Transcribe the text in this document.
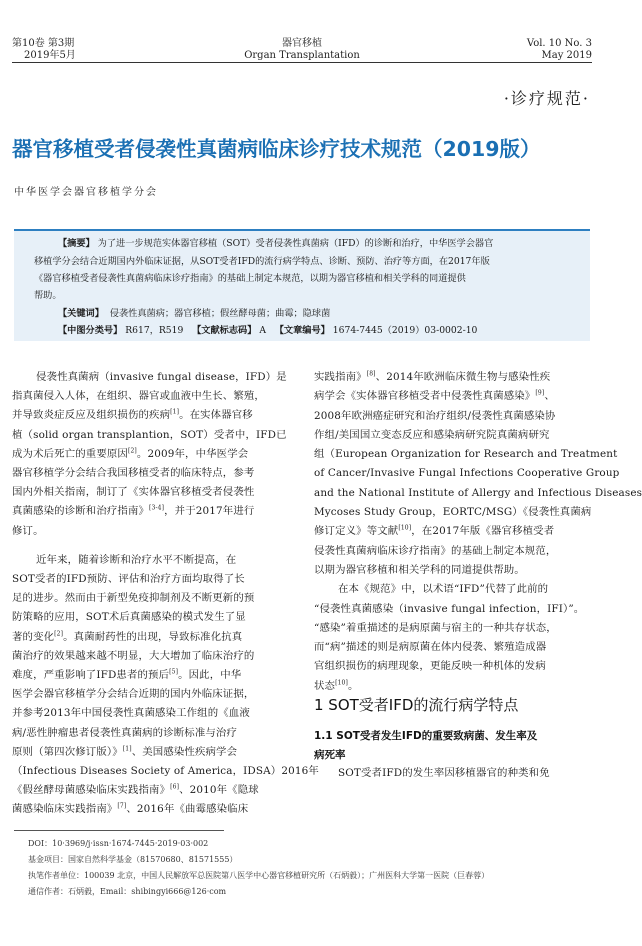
第10卷 第3期
2019年5月
器官移植
Organ Transplantation
Vol. 10 No. 3
May 2019
·诊疗规范·
器官移植受者侵袭性真菌病临床诊疗技术规范（2019版）
中华医学会器官移植学分会
【摘要】 为了进一步规范实体器官移植（SOT）受者侵袭性真菌病（IFD）的诊断和治疗，中华医学会器官
移植学分会结合近期国内外临床证据，从SOT受者IFD的流行病学特点、诊断、预防、治疗等方面，在2017年版
《器官移植受者侵袭性真菌病临床诊疗指南》的基础上制定本规范，以期为器官移植和相关学科的同道提供
帮助。
【关键词】 侵袭性真菌病；器官移植；假丝酵母菌；曲霉；隐球菌
【中图分类号】 R617，R519 【文献标志码】 A 【文章编号】 1674-7445（2019）03-0002-10
侵袭性真菌病（invasive fungal disease，IFD）是
指真菌侵入人体，在组织、器官或血液中生长、繁殖，
并导致炎症反应及组织损伤的疾病[1]。在实体器官移
植（solid organ transplantion，SOT）受者中，IFD已
成为术后死亡的重要原因[2]。2009年，中华医学会
器官移植学分会结合我国移植受者的临床特点，参考
国内外相关指南，制订了《实体器官移植受者侵袭性
真菌感染的诊断和治疗指南》[3-4]，并于2017年进行
修订。
近年来，随着诊断和治疗水平不断提高，在
SOT受者的IFD预防、评估和治疗方面均取得了长
足的进步。然而由于新型免疫抑制剂及不断更新的预
防策略的应用，SOT术后真菌感染的模式发生了显
著的变化[2]。真菌耐药性的出现，导致标准化抗真
菌治疗的效果越来越不明显，大大增加了临床治疗的
难度，严重影响了IFD患者的预后[5]。因此，中华
医学会器官移植学分会结合近期的国内外临床证据，
并参考2013年中国侵袭性真菌感染工作组的《血液
病/恶性肿瘤患者侵袭性真菌病的诊断标准与治疗
原则（第四次修订版）》[1]、美国感染性疾病学会
（Infectious Diseases Society of America，IDSA）2016年
《假丝酵母菌感染临床实践指南》[6]、2010年《隐球
菌感染临床实践指南》[7]、2016年《曲霉感染临床
实践指南》[8]、2014年欧洲临床微生物与感染性疾
病学会《实体器官移植受者中侵袭性真菌感染》[9]、
2008年欧洲癌症研究和治疗组织/侵袭性真菌感染协
作组/美国国立变态反应和感染病研究院真菌病研究
组（European Organization for Research and Treatment
of Cancer/Invasive Fungal Infections Cooperative Group
and the National Institute of Allergy and Infectious Diseases
Mycoses Study Group，EORTC/MSG）《侵袭性真菌病
修订定义》等文献[10]，在2017年版《器官移植受者
侵袭性真菌病临床诊疗指南》的基础上制定本规范，
以期为器官移植和相关学科的同道提供帮助。
在本《规范》中，以术语“IFD”代替了此前的
“侵袭性真菌感染（invasive fungal infection，IFI）”。
“感染”着重描述的是病原菌与宿主的一种共存状态，
而“病”描述的则是病原菌在体内侵袭、繁殖造成器
官组织损伤的病理现象，更能反映一种机体的发病
状态[10]。
1 SOT受者IFD的流行病学特点
1.1 SOT受者发生IFD的重要致病菌、发生率及
病死率
SOT受者IFD的发生率因移植器官的种类和免
DOI：10·3969/j·issn·1674-7445·2019·03·002
基金项目：国家自然科学基金（81570680、81571555）
执笔作者单位：100039 北京，中国人民解放军总医院第八医学中心器官移植研究所（石炳毅）；广州医科大学第一医院（巨春蓉）
通信作者：石炳毅，Email：shibingyi666@126·com
